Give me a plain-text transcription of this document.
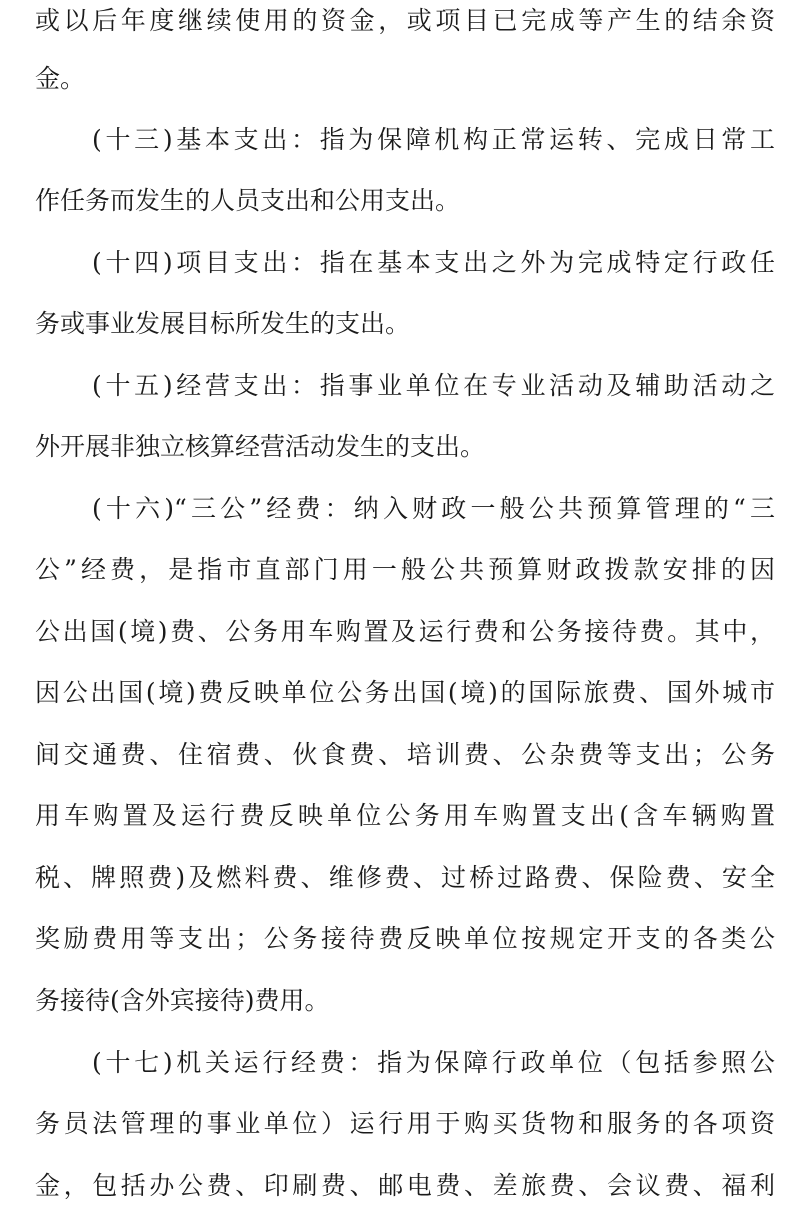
或以后年度继续使用的资金，或项目已完成等产生的结余资
金。
(十三)基本支出：指为保障机构正常运转、完成日常工
作任务而发生的人员支出和公用支出。
(十四)项目支出：指在基本支出之外为完成特定行政任
务或事业发展目标所发生的支出。
(十五)经营支出：指事业单位在专业活动及辅助活动之
外开展非独立核算经营活动发生的支出。
(十六)“三公”经费：纳入财政一般公共预算管理的“三
公”经费，是指市直部门用一般公共预算财政拨款安排的因
公出国(境)费、公务用车购置及运行费和公务接待费。其中，
因公出国(境)费反映单位公务出国(境)的国际旅费、国外城市
间交通费、住宿费、伙食费、培训费、公杂费等支出；公务
用车购置及运行费反映单位公务用车购置支出(含车辆购置
税、牌照费)及燃料费、维修费、过桥过路费、保险费、安全
奖励费用等支出；公务接待费反映单位按规定开支的各类公
务接待(含外宾接待)费用。
(十七)机关运行经费：指为保障行政单位（包括参照公
务员法管理的事业单位）运行用于购买货物和服务的各项资
金，包括办公费、印刷费、邮电费、差旅费、会议费、福利
